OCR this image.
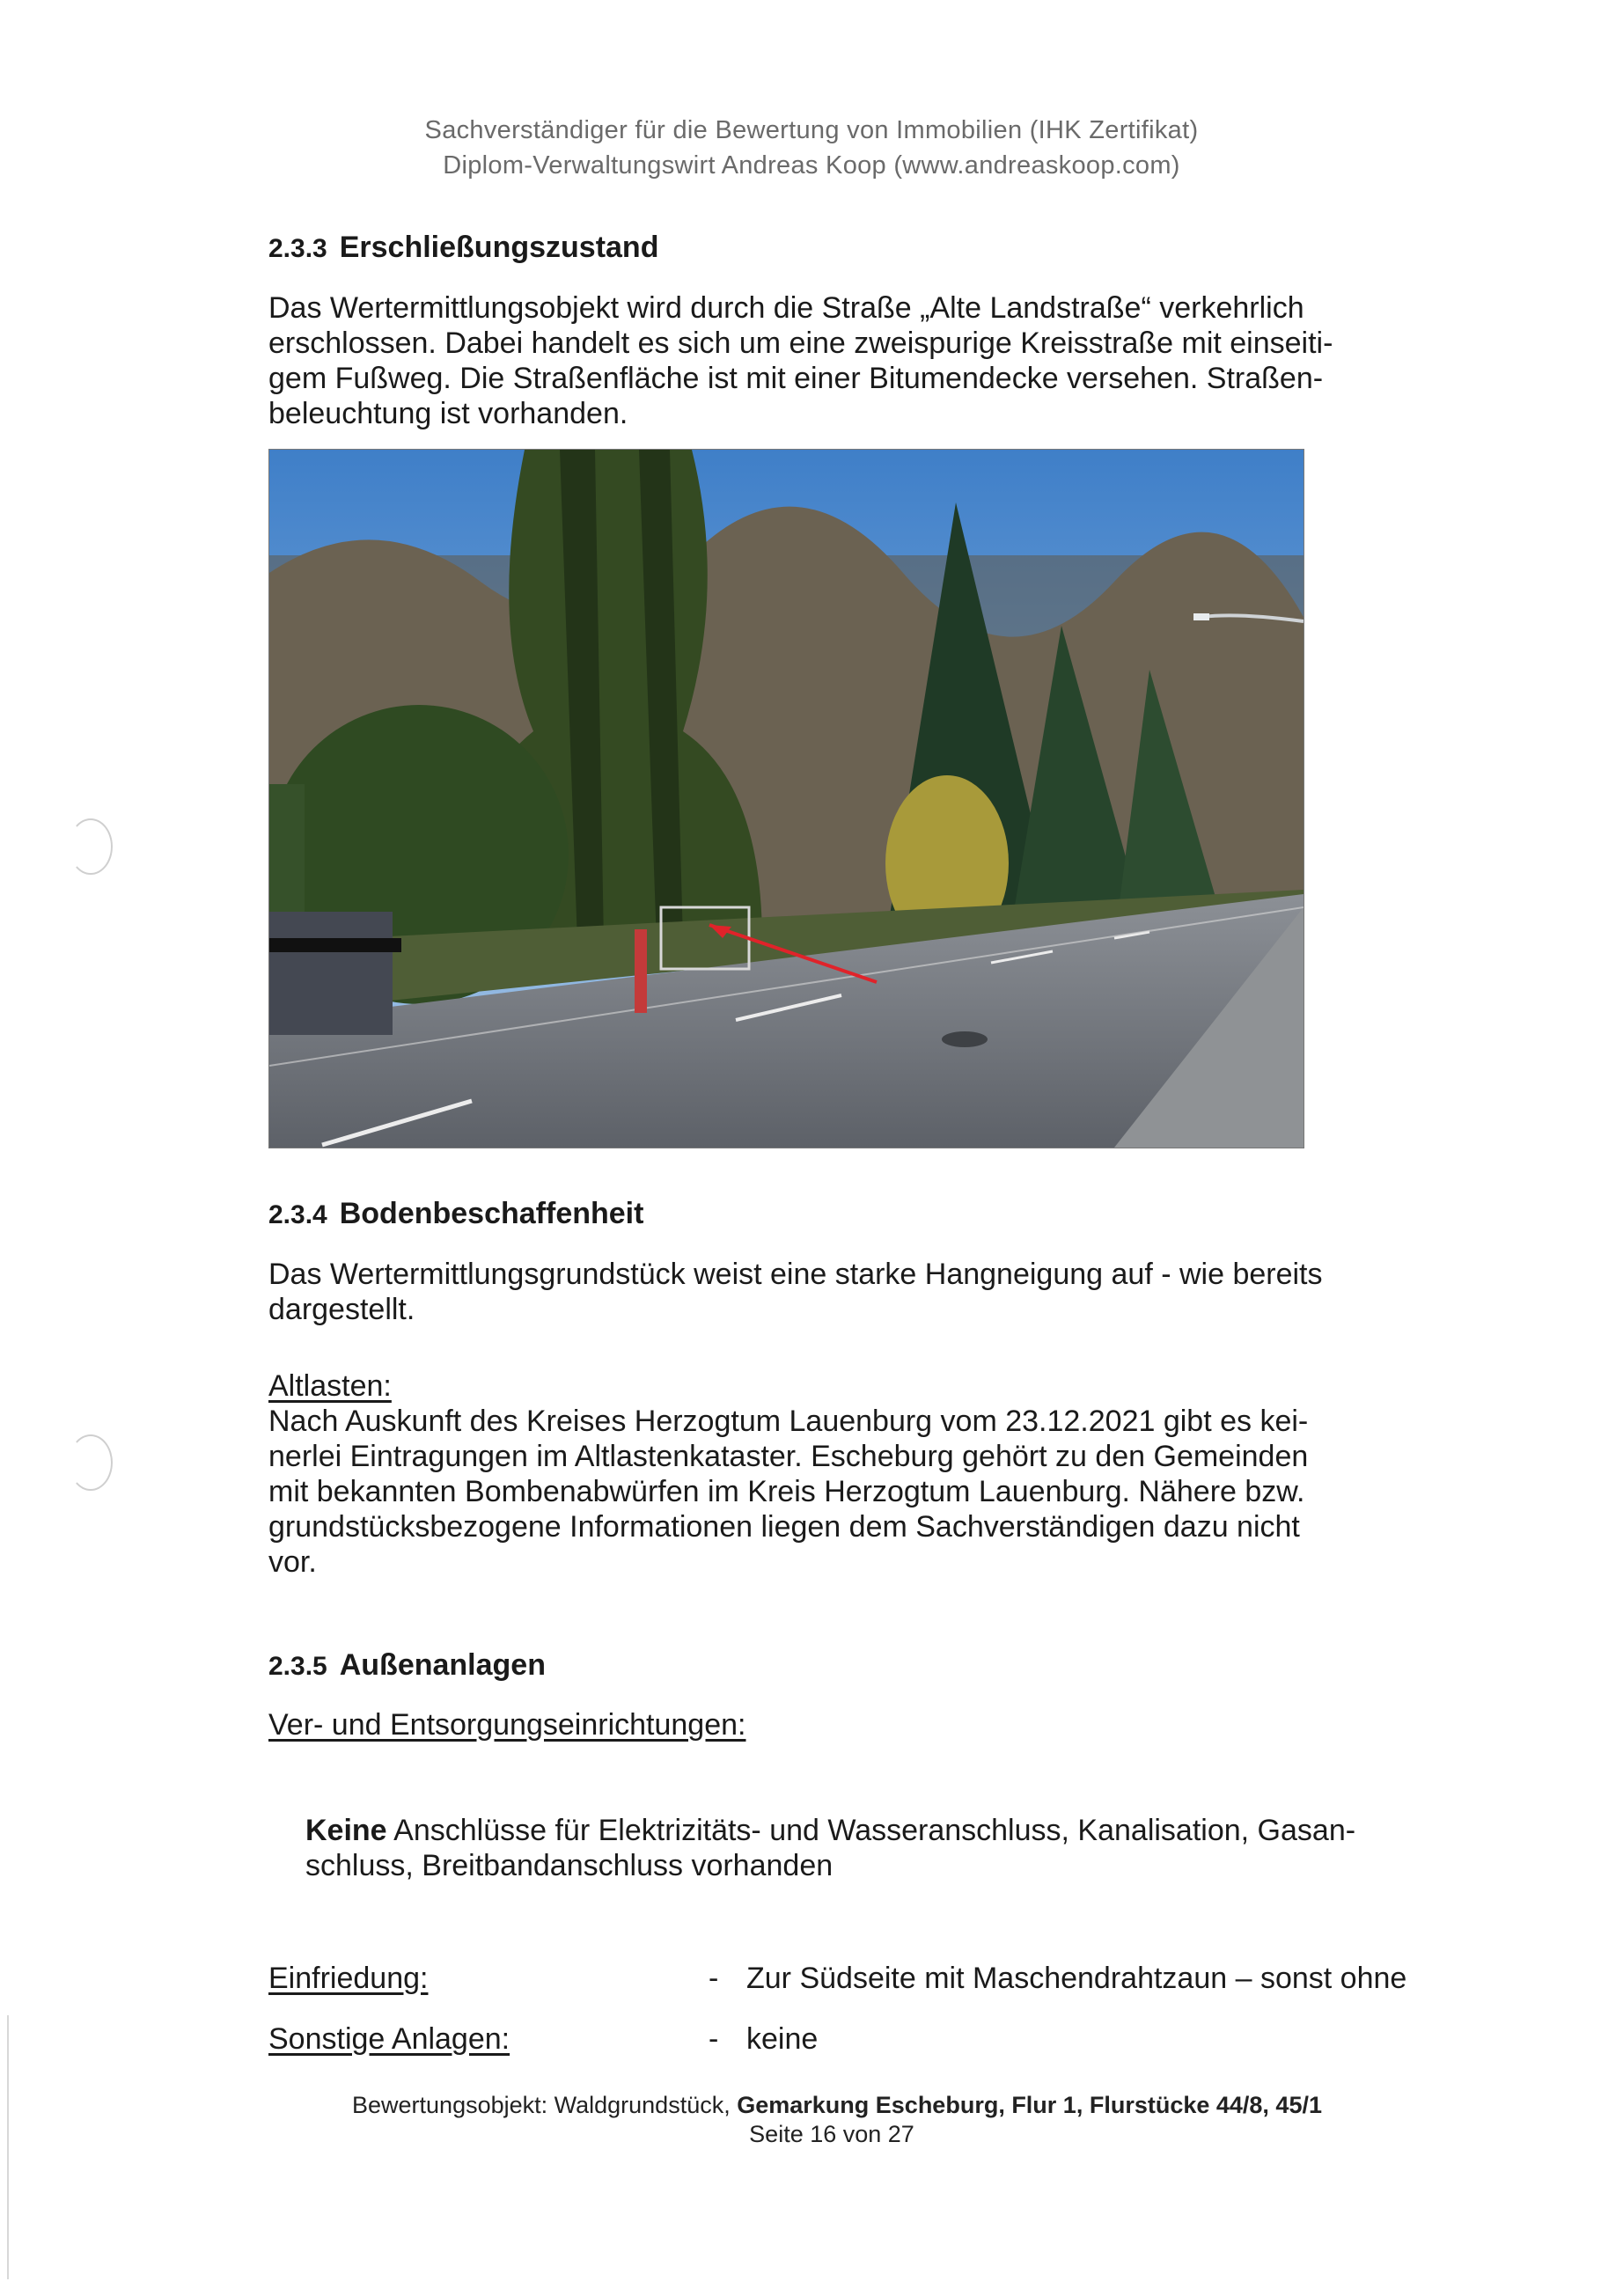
Sachverständiger für die Bewertung von Immobilien (IHK Zertifikat)
Diplom-Verwaltungswirt Andreas Koop (www.andreaskoop.com)
2.3.3 Erschließungszustand
Das Wertermittlungsobjekt wird durch die Straße „Alte Landstraße“ verkehrlich
erschlossen. Dabei handelt es sich um eine zweispurige Kreisstraße mit einseiti-
gem Fußweg. Die Straßenfläche ist mit einer Bitumendecke versehen. Straßen-
beleuchtung ist vorhanden.
2.3.4 Bodenbeschaffenheit
Das Wertermittlungsgrundstück weist eine starke Hangneigung auf - wie bereits
dargestellt.
Altlasten:
Nach Auskunft des Kreises Herzogtum Lauenburg vom 23.12.2021 gibt es kei-
nerlei Eintragungen im Altlastenkataster. Escheburg gehört zu den Gemeinden
mit bekannten Bombenabwürfen im Kreis Herzogtum Lauenburg. Nähere bzw.
grundstücksbezogene Informationen liegen dem Sachverständigen dazu nicht
vor.
2.3.5 Außenanlagen
Ver- und Entsorgungseinrichtungen:
Keine Anschlüsse für Elektrizitäts- und Wasseranschluss, Kanalisation, Gasan-
schluss, Breitbandanschluss vorhanden
Einfriedung:	- Zur Südseite mit Maschendrahtzaun – sonst ohne
Sonstige Anlagen:	- keine
Bewertungsobjekt: Waldgrundstück, Gemarkung Escheburg, Flur 1, Flurstücke 44/8, 45/1
Seite 16 von 27
